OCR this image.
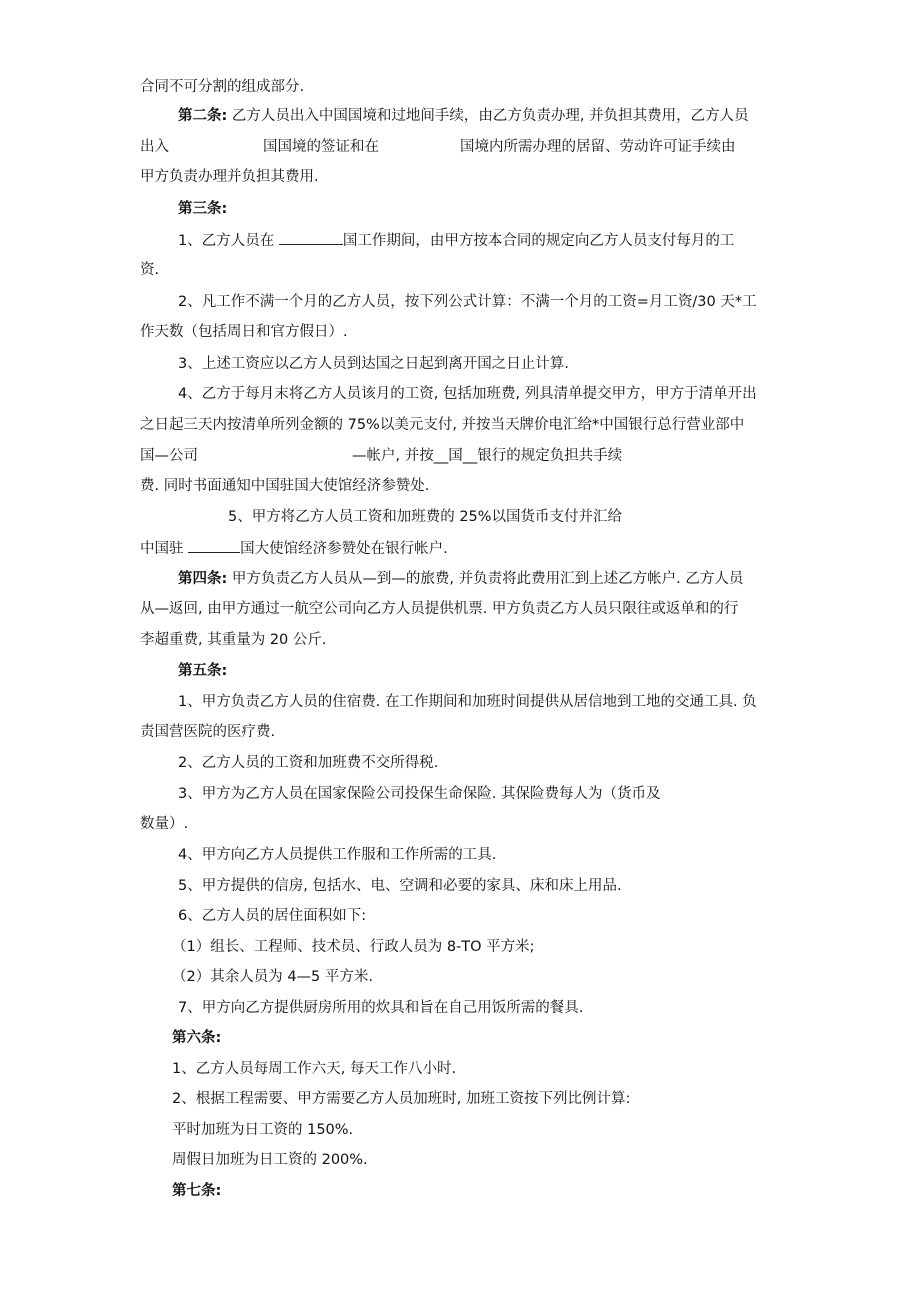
合同不可分割的组成部分.
第二条: 乙方人员出入中国国境和过地间手续，由乙方负责办理, 并负担其费用，乙方人员
出入	国国境的签证和在	国境内所需办理的居留、劳动许可证手续由
甲方负责办理并负担其费用.
第三条:
1、乙方人员在	国工作期间，由甲方按本合同的规定向乙方人员支付每月的工
资.
2、凡工作不满一个月的乙方人员，按下列公式计算：不满一个月的工资=月工资/30 天*工
作天数（包括周日和官方假日）.
3、上述工资应以乙方人员到达国之日起到离开国之日止计算.
4、乙方于每月末将乙方人员该月的工资, 包括加班费, 列具清单提交甲方，甲方于清单开出
之日起三天内按清单所列金额的 75%以美元支付, 并按当天牌价电汇给*中国银行总行营业部中
国—公司	—帐户, 并按__国__银行的规定负担共手续
费. 同时书面通知中国驻国大使馆经济参赞处.
5、甲方将乙方人员工资和加班费的 25%以国货币支付并汇给
中国驻	国大使馆经济参赞处在银行帐户.
第四条: 甲方负责乙方人员从—到—的旅费, 并负责将此费用汇到上述乙方帐户. 乙方人员
从—返回, 由甲方通过一航空公司向乙方人员提供机票. 甲方负责乙方人员只限往或返单和的行
李超重费, 其重量为 20 公斤.
第五条:
1、甲方负责乙方人员的住宿费. 在工作期间和加班时间提供从居信地到工地的交通工具. 负
责国营医院的医疗费.
2、乙方人员的工资和加班费不交所得税.
3、甲方为乙方人员在国家保险公司投保生命保险. 其保险费每人为（货币及
数量）.
4、甲方向乙方人员提供工作服和工作所需的工具.
5、甲方提供的信房, 包括水、电、空调和必要的家具、床和床上用品.
6、乙方人员的居住面积如下:
（1）组长、工程师、技术员、行政人员为 8-TO 平方米;
（2）其余人员为 4—5 平方米.
7、甲方向乙方提供厨房所用的炊具和旨在自己用饭所需的餐具.
第六条:
1、乙方人员每周工作六天, 每天工作八小时.
2、根据工程需要、甲方需要乙方人员加班时, 加班工资按下列比例计算:
平时加班为日工资的 150%.
周假日加班为日工资的 200%.
第七条:
